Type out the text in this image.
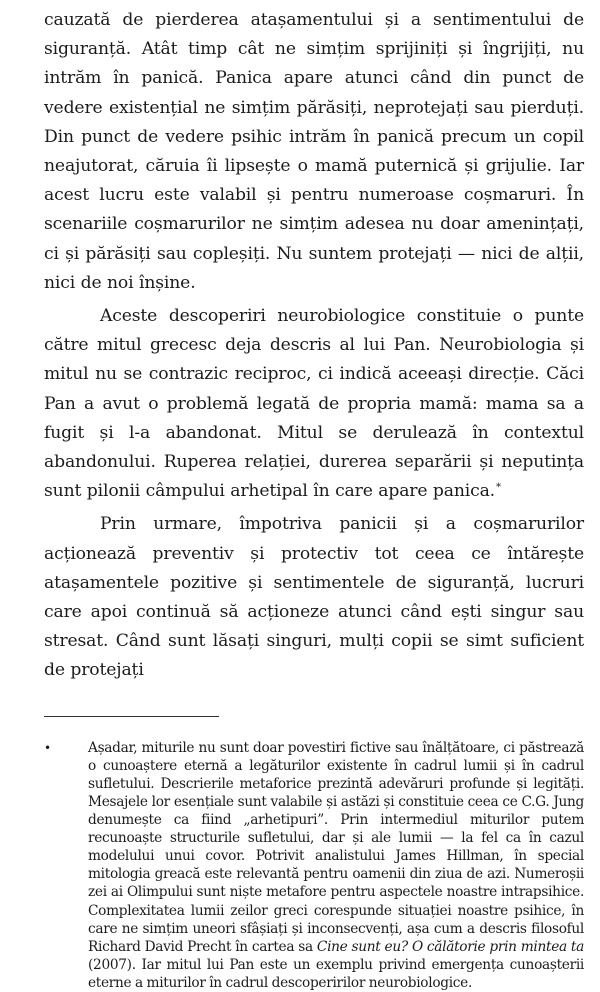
cauzată de pierderea atașamentului și a sentimentului de siguranță. Atât timp cât ne simțim sprijiniți și îngrijiți, nu intrăm în panică. Panica apare atunci când din punct de vedere existențial ne simțim părăsiți, neprotejați sau pierduți. Din punct de vedere psihic intrăm în panică precum un copil neajutorat, căruia îi lipsește o mamă puternică și grijulie. Iar acest lucru este valabil și pentru numeroase coșmaruri. În scenariile coșmarurilor ne simțim adesea nu doar amenințați, ci și părăsiți sau copleșiți. Nu suntem protejați — nici de alții, nici de noi înșine.

Aceste descoperiri neurobiologice constituie o punte către mitul grecesc deja descris al lui Pan. Neurobiologia și mitul nu se contrazic reciproc, ci indică aceeași direcție. Căci Pan a avut o problemă legată de propria mamă: mama sa a fugit și l-a abandonat. Mitul se derulează în contextul abandonului. Ruperea relației, durerea separării și neputința sunt pilonii câmpului arhetipal în care apare panica.*

Prin urmare, împotriva panicii și a coșmarurilor acționează preventiv și protectiv tot ceea ce întărește atașamentele pozitive și sentimentele de siguranță, lucruri care apoi continuă să acționeze atunci când ești singur sau stresat. Când sunt lăsați singuri, mulți copii se simt suficient de protejați

•	Așadar, miturile nu sunt doar povestiri fictive sau înălțătoare, ci păstrează o cunoaștere eternă a legăturilor existente în cadrul lumii și în cadrul sufletului. Descrierile metaforice prezintă adevăruri profunde și legități. Mesajele lor esențiale sunt valabile și astăzi și constituie ceea ce C.G. Jung denumește ca fiind „arhetipuri”. Prin intermediul miturilor putem recunoaște structurile sufletului, dar și ale lumii — la fel ca în cazul modelului unui covor. Potrivit analistului James Hillman, în special mitologia greacă este relevantă pentru oamenii din ziua de azi. Numeroșii zei ai Olimpului sunt niște metafore pentru aspectele noastre intrapsihice. Complexitatea lumii zeilor greci corespunde situației noastre psihice, în care ne simțim uneori sfâșiați și inconsecvenți, așa cum a descris filosoful Richard David Precht în cartea sa Cine sunt eu? O călătorie prin mintea ta (2007). Iar mitul lui Pan este un exemplu privind emergența cunoașterii eterne a miturilor în cadrul descoperirilor neurobiologice.
